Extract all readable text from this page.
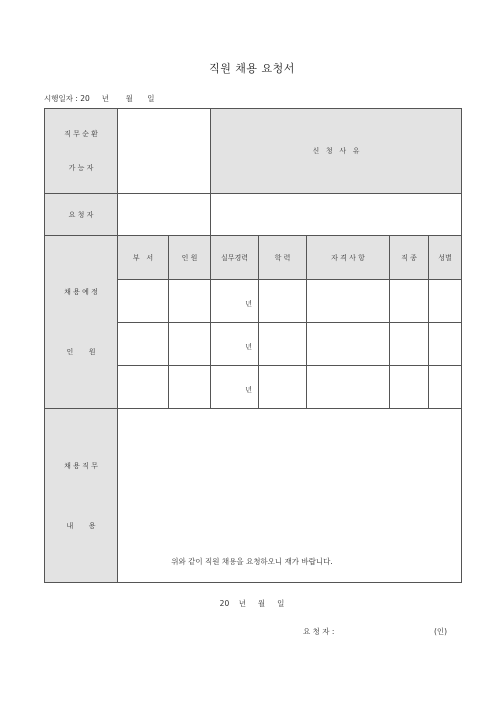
직원 채용 요청서
시행일자 : 20     년       월      일

직 무 순 환

가 능 자			신   청   사   유				
요 청 자							

채 용 예 정

인       원	부   서	인 원	실무경력	학 력	자 격 사 항	직 종	성별
			년				
			년				
			년				

채 용 직 무

내       용							

위와 같이 직원 채용을 요청하오니 재가 바랍니다.
20    년     월     일
요 청 자 :	(인)
